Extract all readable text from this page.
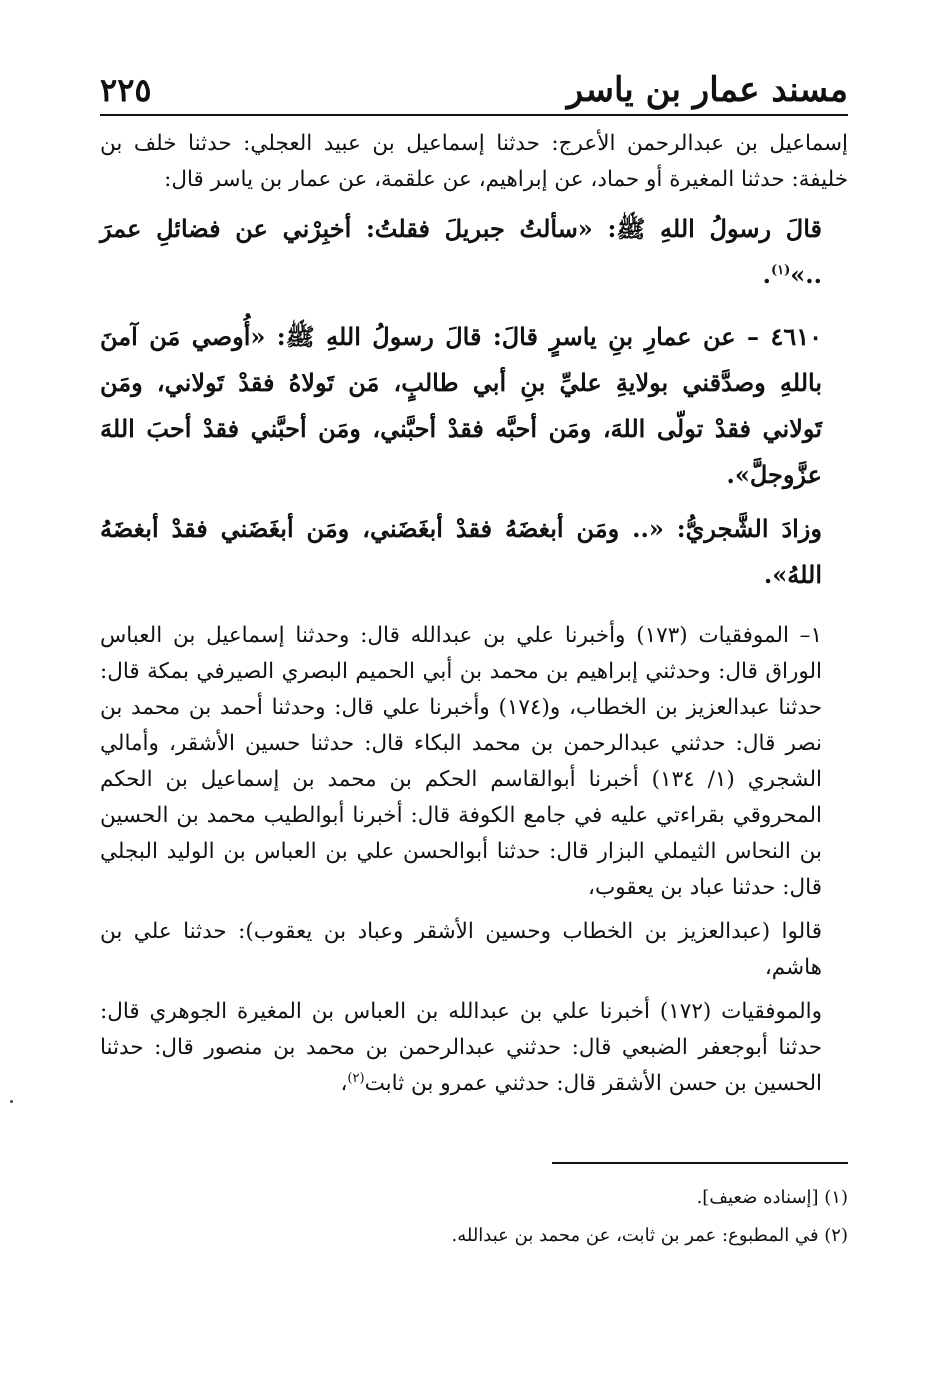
مسند عمار بن ياسر
٢٢٥

إسماعيل بن عبدالرحمن الأعرج: حدثنا إسماعيل بن عبيد العجلي: حدثنا خلف بن خليفة: حدثنا المغيرة أو حماد، عن إبراهيم، عن علقمة، عن عمار بن ياسر قال:

قالَ رسولُ اللهِ ﷺ: «سألتُ جبريلَ فقلتُ: أخبِرْني عن فضائلِ عمرَ ..»$^{(١)}$.

٤٦١٠ – عن عمارِ بنِ ياسرٍ قالَ: قالَ رسولُ اللهِ ﷺ: «أُوصي مَن آمنَ باللهِ وصدَّقني بولايةِ عليِّ بنِ أبي طالبٍ، مَن تَولاهُ فقدْ تَولاني، ومَن تَولاني فقدْ تولّى اللهَ، ومَن أحبَّه فقدْ أحبَّني، ومَن أحبَّني فقدْ أحبَ اللهَ عزَّوجلَّ».

وزادَ الشَّجريُّ: «.. ومَن أبغضَهُ فقدْ أبغَضَني، ومَن أبغَضَني فقدْ أبغضَهُ اللهُ».

١– الموفقيات (١٧٣) وأخبرنا علي بن عبدالله قال: وحدثنا إسماعيل بن العباس الوراق قال: وحدثني إبراهيم بن محمد بن أبي الحميم البصري الصيرفي بمكة قال: حدثنا عبدالعزيز بن الخطاب، و(١٧٤) وأخبرنا علي قال: وحدثنا أحمد بن محمد بن نصر قال: حدثني عبدالرحمن بن محمد البكاء قال: حدثنا حسين الأشقر، وأمالي الشجري (١/ ١٣٤) أخبرنا أبوالقاسم الحكم بن محمد بن إسماعيل بن الحكم المحروقي بقراءتي عليه في جامع الكوفة قال: أخبرنا أبوالطيب محمد بن الحسين بن النحاس الثيملي البزار قال: حدثنا أبوالحسن علي بن العباس بن الوليد البجلي قال: حدثنا عباد بن يعقوب،

قالوا (عبدالعزيز بن الخطاب وحسين الأشقر وعباد بن يعقوب): حدثنا علي بن هاشم،

والموفقيات (١٧٢) أخبرنا علي بن عبدالله بن العباس بن المغيرة الجوهري قال: حدثنا أبوجعفر الضبعي قال: حدثني عبدالرحمن بن محمد بن منصور قال: حدثنا الحسين بن حسن الأشقر قال: حدثني عمرو بن ثابت$^{(٢)}$،

(١) [إسناده ضعيف].

(٢) في المطبوع: عمر بن ثابت، عن محمد بن عبدالله.
